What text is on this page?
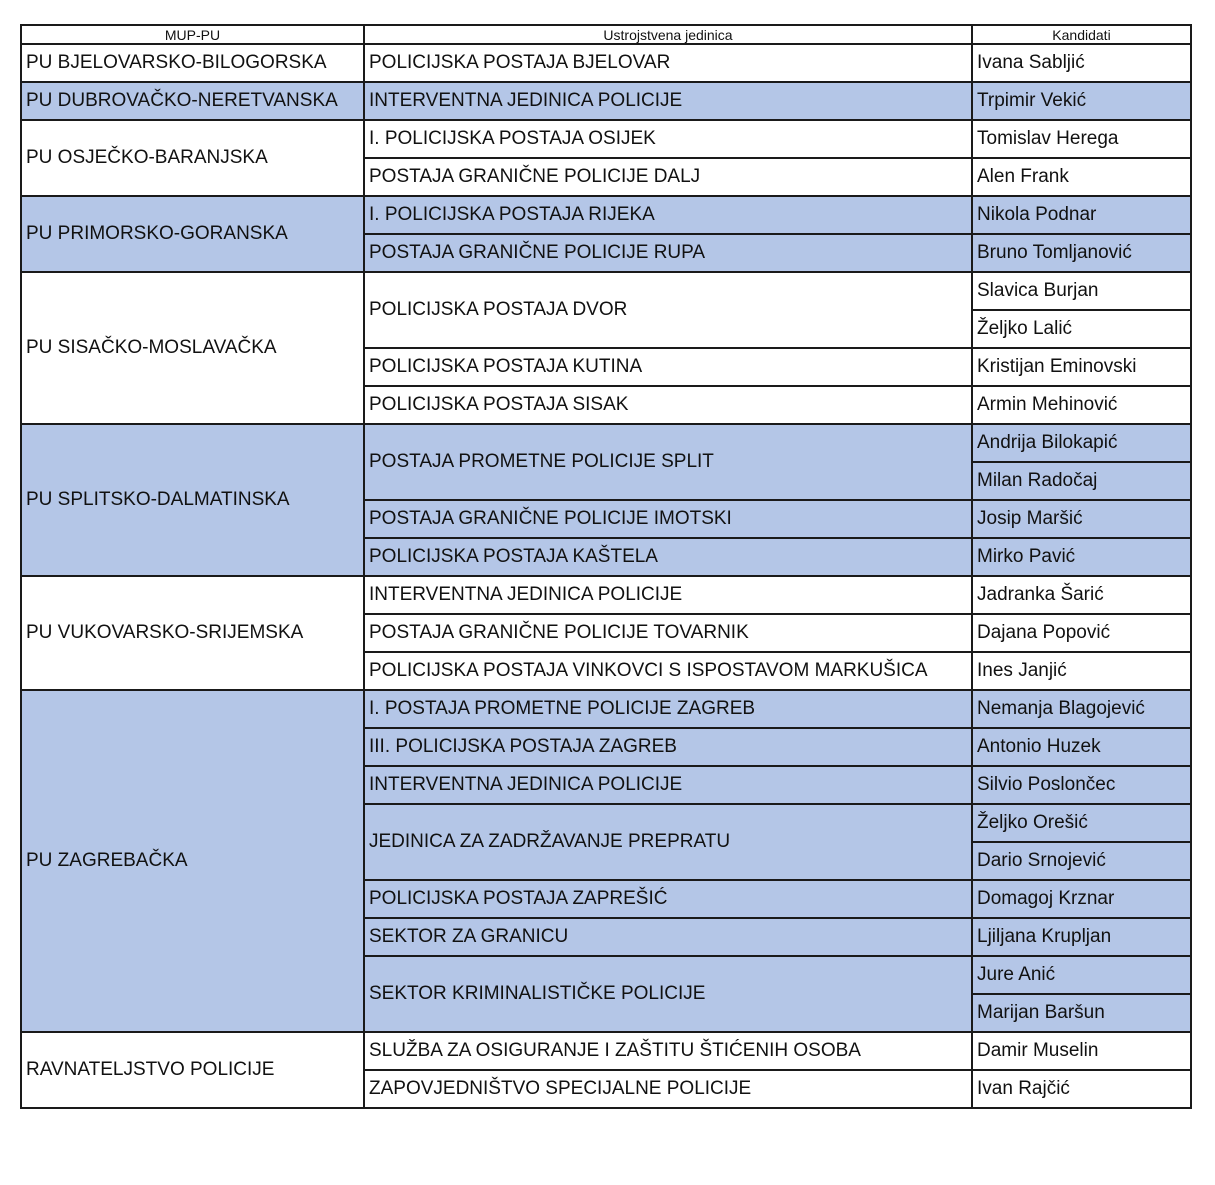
MUP-PU	Ustrojstvena jedinica	Kandidati
PU BJELOVARSKO-BILOGORSKA	POLICIJSKA POSTAJA BJELOVAR	Ivana Sabljić
PU DUBROVAČKO-NERETVANSKA	INTERVENTNA JEDINICA POLICIJE	Trpimir Vekić
PU OSJEČKO-BARANJSKA	I. POLICIJSKA POSTAJA OSIJEK	Tomislav Herega
	POSTAJA GRANIČNE POLICIJE DALJ	Alen Frank
PU PRIMORSKO-GORANSKA	I. POLICIJSKA POSTAJA RIJEKA	Nikola Podnar
	POSTAJA GRANIČNE POLICIJE RUPA	Bruno Tomljanović
PU SISAČKO-MOSLAVAČKA	POLICIJSKA POSTAJA DVOR	Slavica Burjan
		Željko Lalić
	POLICIJSKA POSTAJA KUTINA	Kristijan Eminovski
	POLICIJSKA POSTAJA SISAK	Armin Mehinović
PU SPLITSKO-DALMATINSKA	POSTAJA PROMETNE POLICIJE SPLIT	Andrija Bilokapić
		Milan Radočaj
	POSTAJA GRANIČNE POLICIJE IMOTSKI	Josip Maršić
	POLICIJSKA POSTAJA KAŠTELA	Mirko Pavić
PU VUKOVARSKO-SRIJEMSKA	INTERVENTNA JEDINICA POLICIJE	Jadranka Šarić
	POSTAJA GRANIČNE POLICIJE TOVARNIK	Dajana Popović
	POLICIJSKA POSTAJA VINKOVCI S ISPOSTAVOM MARKUŠICA	Ines Janjić
PU ZAGREBAČKA	I. POSTAJA PROMETNE POLICIJE ZAGREB	Nemanja Blagojević
	III. POLICIJSKA POSTAJA ZAGREB	Antonio Huzek
	INTERVENTNA JEDINICA POLICIJE	Silvio Poslončec
	JEDINICA ZA ZADRŽAVANJE PREPRATU	Željko Orešić
		Dario Srnojević
	POLICIJSKA POSTAJA ZAPREŠIĆ	Domagoj Krznar
	SEKTOR ZA GRANICU	Ljiljana Krupljan
	SEKTOR KRIMINALISTIČKE POLICIJE	Jure Anić
		Marijan Baršun
RAVNATELJSTVO POLICIJE	SLUŽBA ZA OSIGURANJE I ZAŠTITU ŠTIĆENIH OSOBA	Damir Muselin
	ZAPOVJEDNIŠTVO SPECIJALNE POLICIJE	Ivan Rajčić
